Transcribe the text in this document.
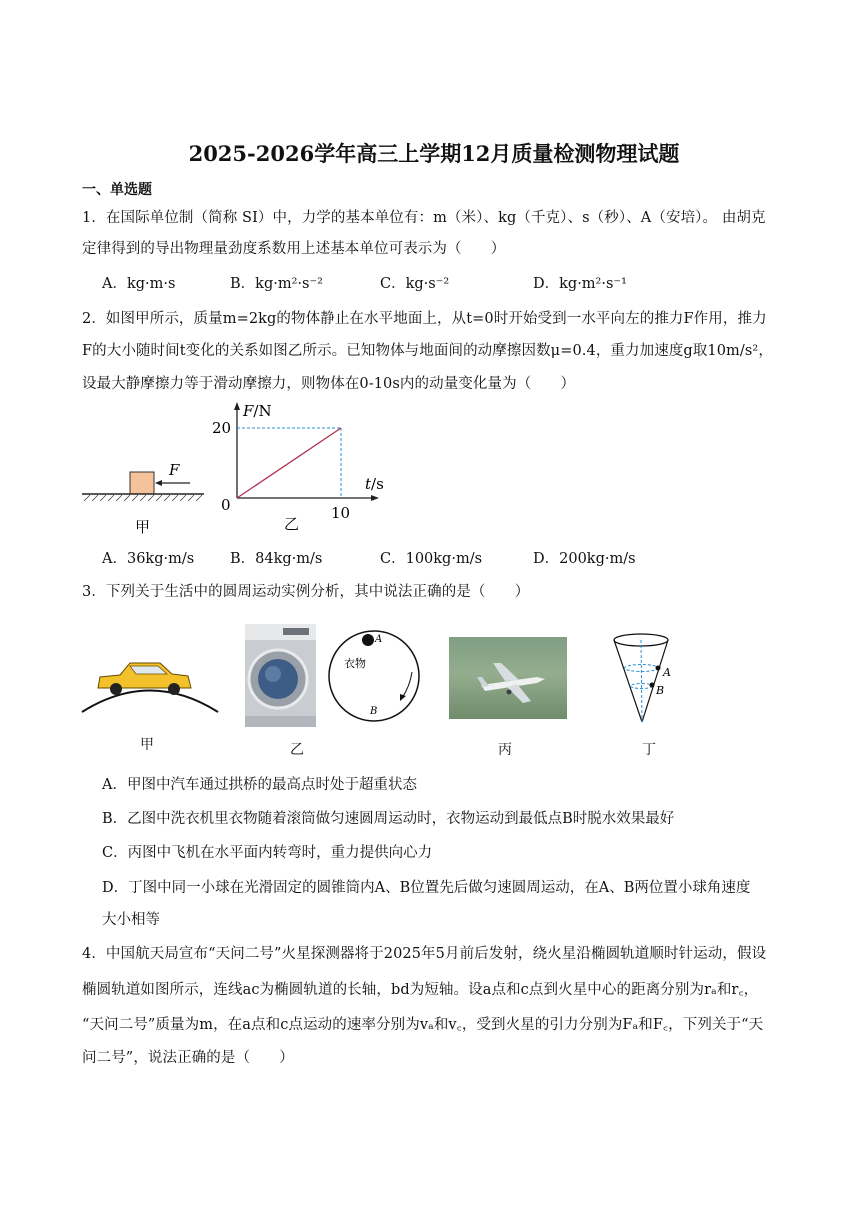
2025-2026学年高三上学期12月质量检测物理试题
一、单选题
1．在国际单位制（简称 SI）中，力学的基本单位有：m（米）、kg（千克）、s（秒）、A（安培）。 由胡克
定律得到的导出物理量劲度系数用上述基本单位可表示为（　　）
A．kg·m·s	B．kg·m²·s⁻²	C．kg·s⁻²	D．kg·m²·s⁻¹
2．如图甲所示，质量m=2kg的物体静止在水平地面上，从t=0时开始受到一水平向左的推力F作用，推力
F的大小随时间t变化的关系如图乙所示。已知物体与地面间的动摩擦因数μ=0.4，重力加速度g取10m/s²，
设最大静摩擦力等于滑动摩擦力，则物体在0-10s内的动量变化量为（　　）
F
甲
F/N
20
0	10
t/s
乙
A．36kg·m/s B．84kg·m/s	C．100kg·m/s	D．200kg·m/s
3．下列关于生活中的圆周运动实例分析，其中说法正确的是（　　）
甲
A
衣物
B
乙	丙
A
B
丁
A．甲图中汽车通过拱桥的最高点时处于超重状态
B．乙图中洗衣机里衣物随着滚筒做匀速圆周运动时，衣物运动到最低点B时脱水效果最好
C．丙图中飞机在水平面内转弯时，重力提供向心力
D．丁图中同一小球在光滑固定的圆锥筒内A、B位置先后做匀速圆周运动，在A、B两位置小球角速度
大小相等
4．中国航天局宣布“天问二号”火星探测器将于2025年5月前后发射，绕火星沿椭圆轨道顺时针运动，假设
椭圆轨道如图所示，连线ac为椭圆轨道的长轴，bd为短轴。设a点和c点到火星中心的距离分别为rₐ和r꜀，
“天问二号”质量为m，在a点和c点运动的速率分别为vₐ和v꜀，受到火星的引力分别为Fₐ和F꜀，下列关于“天
问二号”，说法正确的是（　　）
